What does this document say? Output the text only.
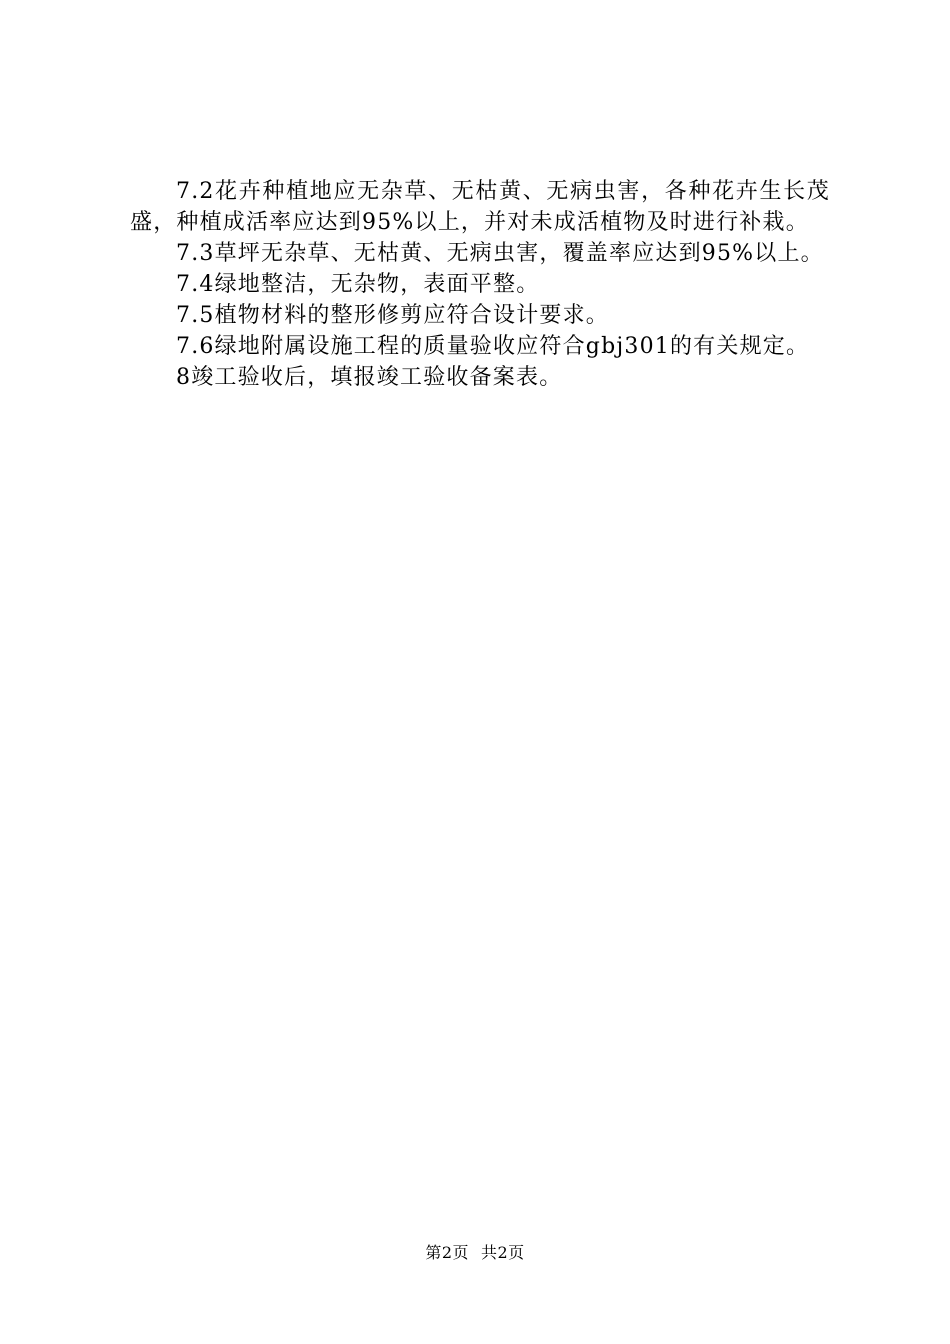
7.2花卉种植地应无杂草、无枯黄、无病虫害，各种花卉生长茂盛，种植成活率应达到95%以上，并对未成活植物及时进行补栽。

7.3草坪无杂草、无枯黄、无病虫害，覆盖率应达到95%以上。

7.4绿地整洁，无杂物，表面平整。

7.5植物材料的整形修剪应符合设计要求。

7.6绿地附属设施工程的质量验收应符合gbj301的有关规定。

8竣工验收后，填报竣工验收备案表。

第2页 共2页
